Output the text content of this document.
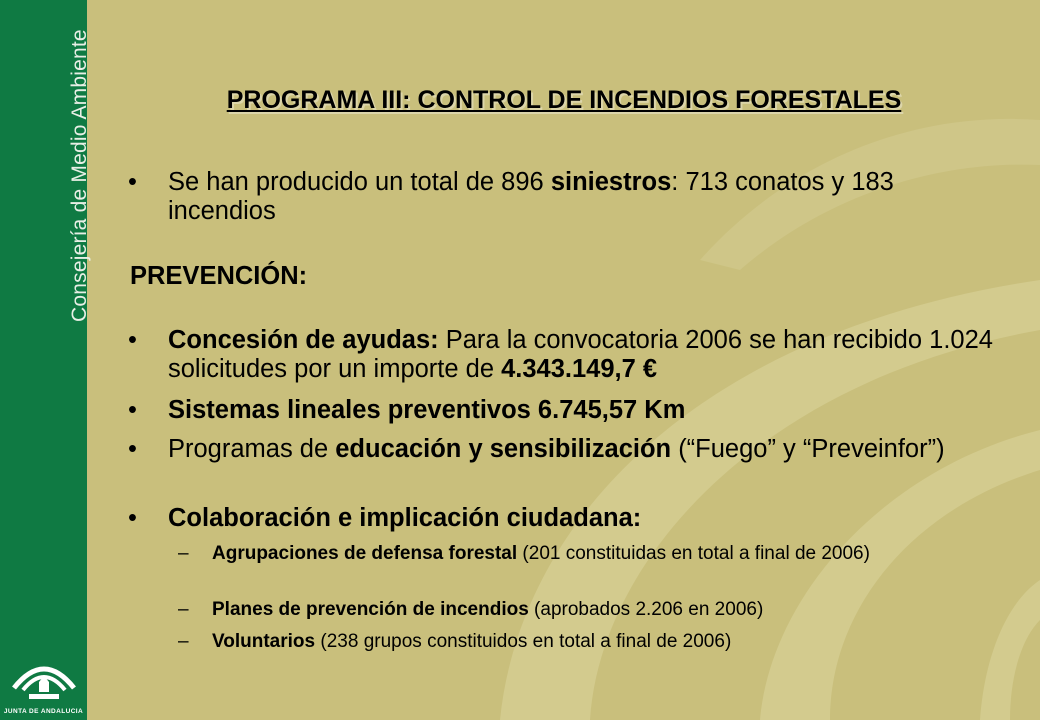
Consejería de Medio Ambiente
JUNTA DE ANDALUCIA
PROGRAMA III: CONTROL DE INCENDIOS FORESTALES
• Se han producido un total de 896 siniestros: 713 conatos y 183 incendios
PREVENCIÓN:
• Concesión de ayudas: Para la convocatoria 2006 se han recibido 1.024 solicitudes por un importe de 4.343.149,7 €
• Sistemas lineales preventivos 6.745,57 Km
• Programas de educación y sensibilización (“Fuego” y “Preveinfor”)
• Colaboración e implicación ciudadana:
– Agrupaciones de defensa forestal (201 constituidas en total a final de 2006)
– Planes de prevención de incendios (aprobados 2.206 en 2006)
– Voluntarios (238 grupos constituidos en total a final de 2006)
